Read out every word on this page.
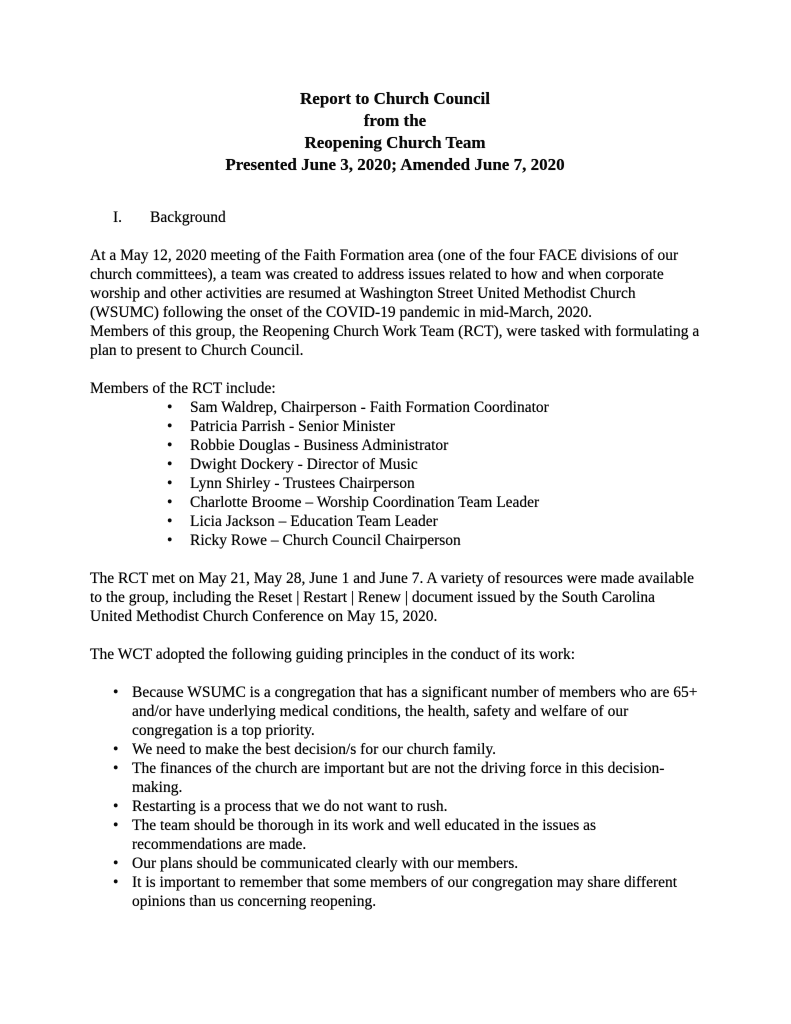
Report to Church Council
from the
Reopening Church Team
Presented June 3, 2020; Amended June 7, 2020
I. Background

At a May 12, 2020 meeting of the Faith Formation area (one of the four FACE divisions of our church committees), a team was created to address issues related to how and when corporate worship and other activities are resumed at Washington Street United Methodist Church (WSUMC) following the onset of the COVID-19 pandemic in mid-March, 2020.
Members of this group, the Reopening Church Work Team (RCT), were tasked with formulating a plan to present to Church Council.

Members of the RCT include:

• Sam Waldrep, Chairperson - Faith Formation Coordinator
• Patricia Parrish - Senior Minister
• Robbie Douglas - Business Administrator
• Dwight Dockery - Director of Music
• Lynn Shirley - Trustees Chairperson
• Charlotte Broome – Worship Coordination Team Leader
• Licia Jackson – Education Team Leader
• Ricky Rowe – Church Council Chairperson

The RCT met on May 21, May 28, June 1 and June 7. A variety of resources were made available to the group, including the Reset | Restart | Renew | document issued by the South Carolina United Methodist Church Conference on May 15, 2020.

The WCT adopted the following guiding principles in the conduct of its work:

• Because WSUMC is a congregation that has a significant number of members who are 65+ and/or have underlying medical conditions, the health, safety and welfare of our congregation is a top priority.
• We need to make the best decision/s for our church family.
• The finances of the church are important but are not the driving force in this decision-making.
• Restarting is a process that we do not want to rush.
• The team should be thorough in its work and well educated in the issues as recommendations are made.
• Our plans should be communicated clearly with our members.
• It is important to remember that some members of our congregation may share different opinions than us concerning reopening.
